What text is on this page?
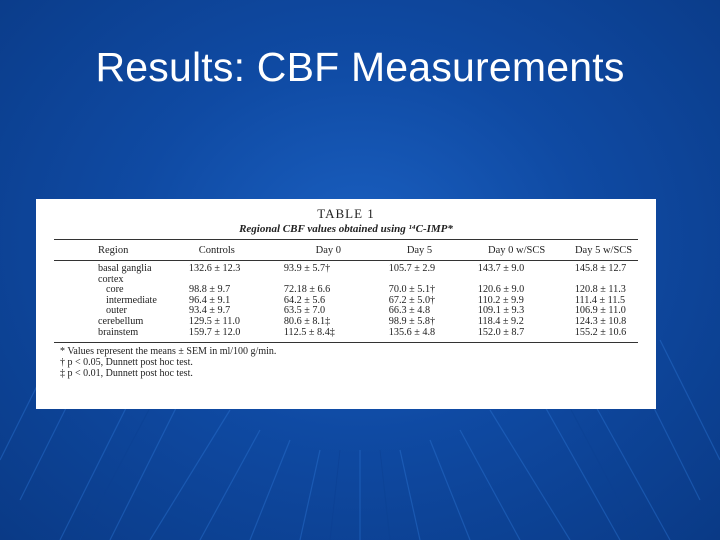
Results: CBF Measurements
TABLE 1
Regional CBF values obtained using ¹⁴C-IMP*
Region	Controls	Day 0	Day 5	Day 0 w/SCS	Day 5 w/SCS
basal ganglia	132.6 ± 12.3	93.9 ± 5.7†	105.7 ± 2.9	143.7 ± 9.0	145.8 ± 12.7
cortex
core	98.8 ± 9.7	72.18 ± 6.6	70.0 ± 5.1†	120.6 ± 9.0	120.8 ± 11.3
intermediate	96.4 ± 9.1	64.2 ± 5.6	67.2 ± 5.0†	110.2 ± 9.9	111.4 ± 11.5
outer	93.4 ± 9.7	63.5 ± 7.0	66.3 ± 4.8	109.1 ± 9.3	106.9 ± 11.0
cerebellum	129.5 ± 11.0	80.6 ± 8.1‡	98.9 ± 5.8†	118.4 ± 9.2	124.3 ± 10.8
brainstem	159.7 ± 12.0	112.5 ± 8.4‡	135.6 ± 4.8	152.0 ± 8.7	155.2 ± 10.6
* Values represent the means ± SEM in ml/100 g/min.
† p < 0.05, Dunnett post hoc test.
‡ p < 0.01, Dunnett post hoc test.
